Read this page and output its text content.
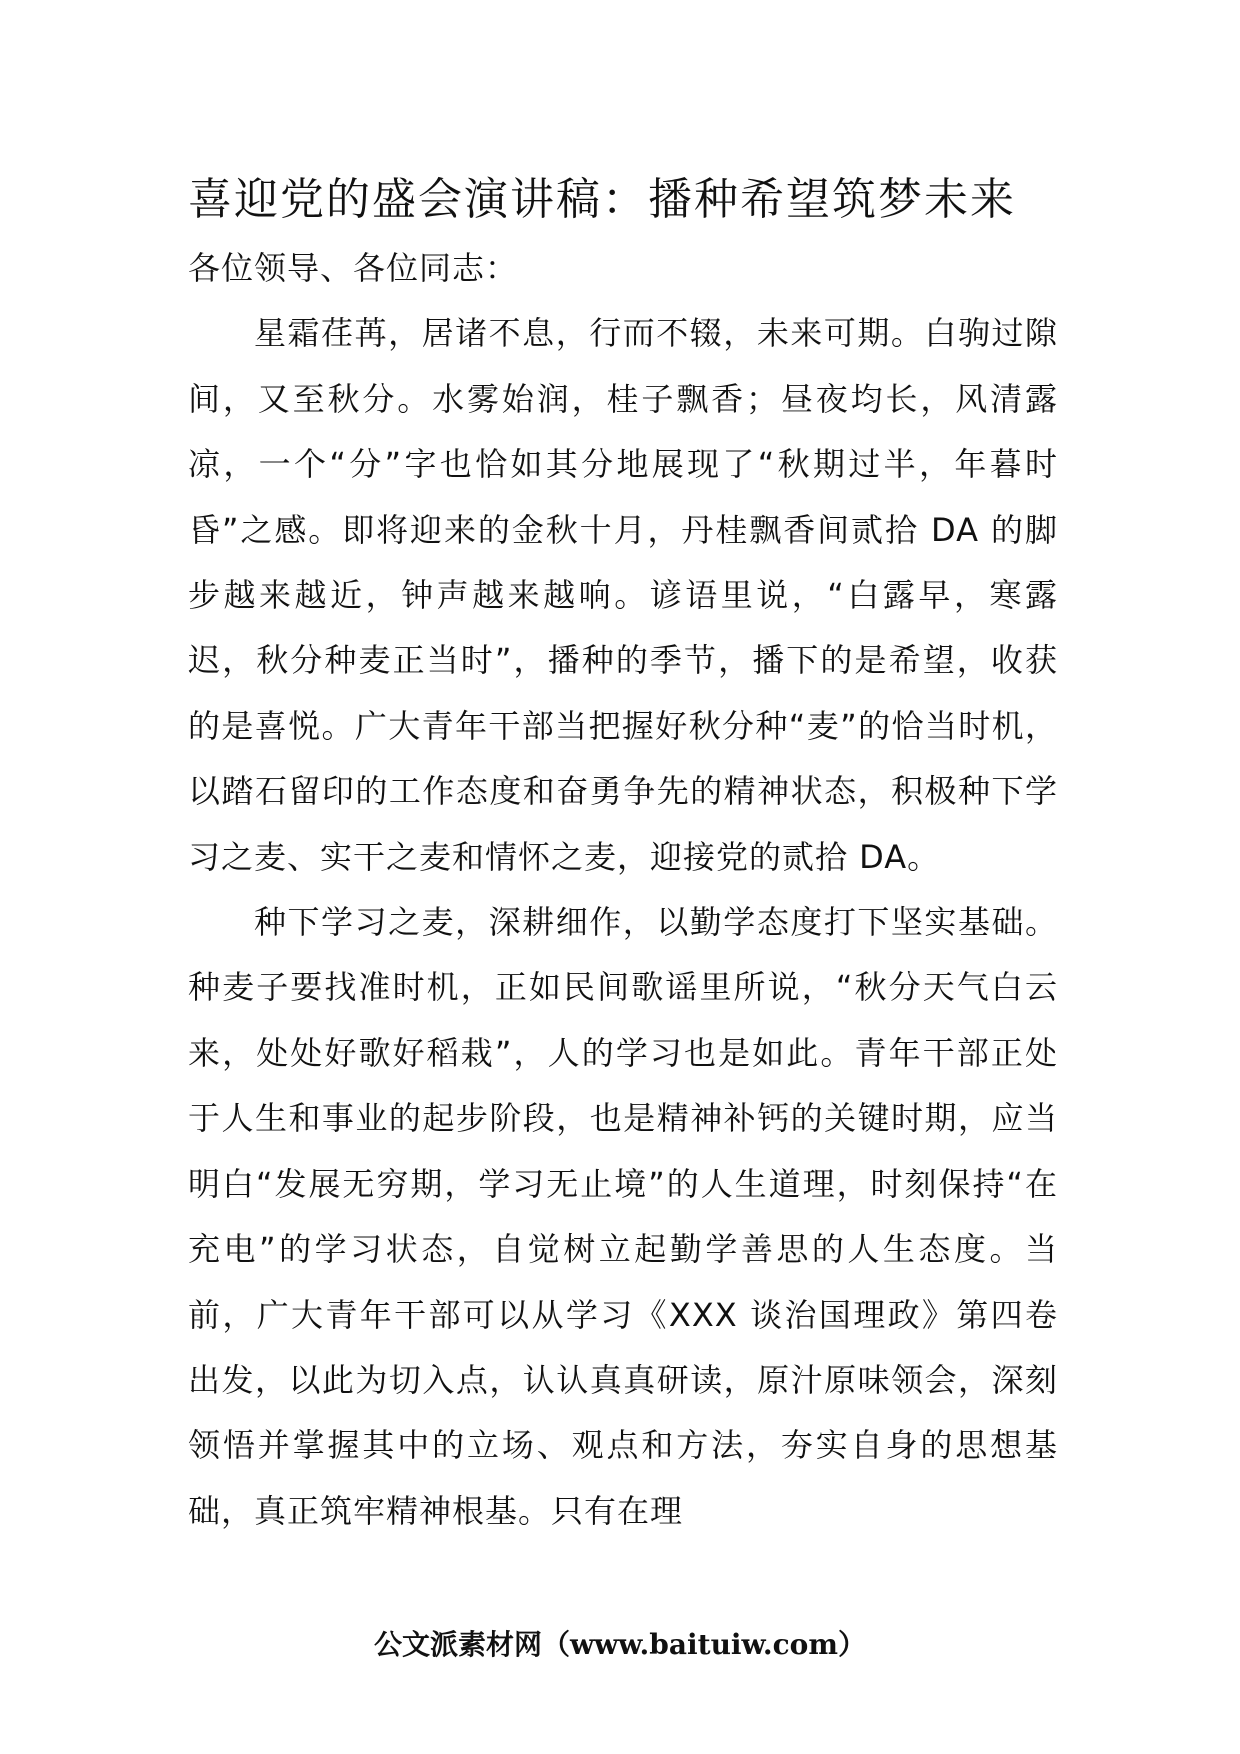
喜迎党的盛会演讲稿：播种希望筑梦未来

各位领导、各位同志：

星霜荏苒，居诸不息，行而不辍，未来可期。白驹过隙间，又至秋分。水雾始润，桂子飘香；昼夜均长，风清露凉，一个“分”字也恰如其分地展现了“秋期过半，年暮时昏”之感。即将迎来的金秋十月，丹桂飘香间贰拾 DA 的脚步越来越近，钟声越来越响。谚语里说，“白露早，寒露迟，秋分种麦正当时”，播种的季节，播下的是希望，收获的是喜悦。广大青年干部当把握好秋分种“麦”的恰当时机，以踏石留印的工作态度和奋勇争先的精神状态，积极种下学习之麦、实干之麦和情怀之麦，迎接党的贰拾 DA。

种下学习之麦，深耕细作，以勤学态度打下坚实基础。种麦子要找准时机，正如民间歌谣里所说，“秋分天气白云来，处处好歌好稻栽”，人的学习也是如此。青年干部正处于人生和事业的起步阶段，也是精神补钙的关键时期，应当明白“发展无穷期，学习无止境”的人生道理，时刻保持“在充电”的学习状态，自觉树立起勤学善思的人生态度。当前，广大青年干部可以从学习《XXX 谈治国理政》第四卷出发，以此为切入点，认认真真研读，原汁原味领会，深刻领悟并掌握其中的立场、观点和方法，夯实自身的思想基础，真正筑牢精神根基。只有在理

公文派素材网（www.baituiw.com）
